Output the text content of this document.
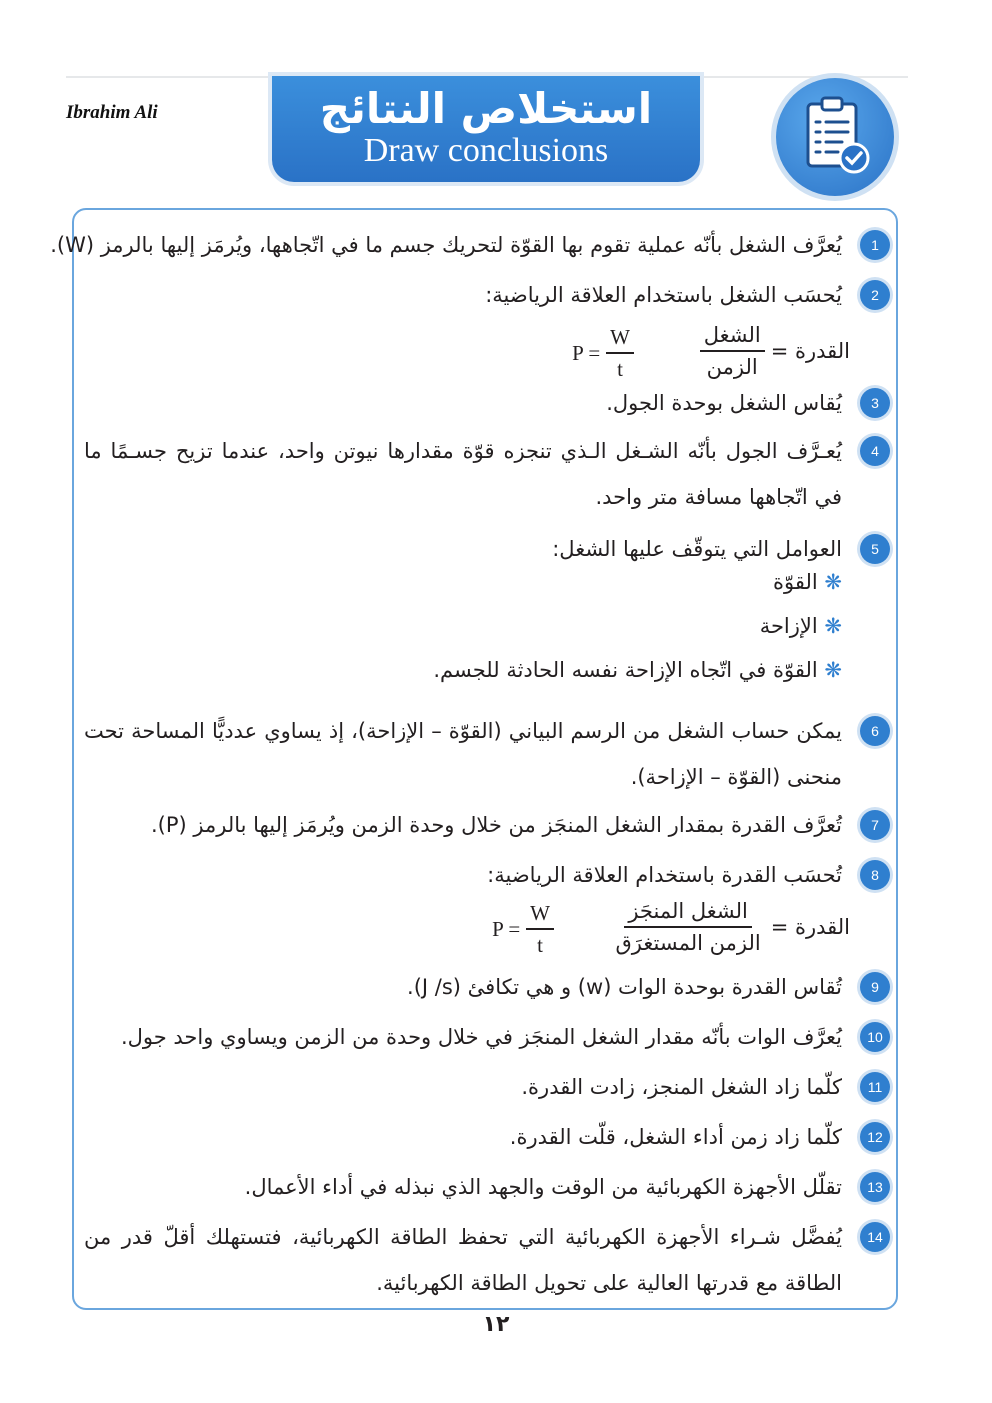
Ibrahim Ali	استخلاص النتائج
Draw conclusions
1
يُعرَّف الشغل بأنّه عملية تقوم بها القوّة لتحريك جسم ما في اتّجاهها، ويُرمَز إليها بالرمز (W).
2
يُحسَب الشغل باستخدام العلاقة الرياضية:
$\frac{\text{الشغل}}{\text{الزمن}}$ القدرة =
$P = \frac{W}{t}$
3
يُقاس الشغل بوحدة الجول.
4
يُعـرَّف الجول بأنّه الشـغل الـذي تنجزه قوّة مقدارها نيوتن واحد، عندما تزيح جسـمًا ما في اتّجاهها مسافة متر واحد.
5
العوامل التي يتوقّف عليها الشغل:
❋ القوّة
❋ الإزاحة
❋ القوّة في اتّجاه الإزاحة نفسه الحادثة للجسم.
6
يمكن حساب الشغل من الرسم البياني (القوّة – الإزاحة)، إذ يساوي عدديًّا المساحة تحت منحنى (القوّة – الإزاحة).
7
تُعرَّف القدرة بمقدار الشغل المنجَز من خلال وحدة الزمن ويُرمَز إليها بالرمز (P).
8
تُحسَب القدرة باستخدام العلاقة الرياضية:
$\frac{\text{الشغل المنجَز}}{\text{الزمن المستغرَق}}$ القدرة =
$P = \frac{W}{t}$
9
تُقاس القدرة بوحدة الوات (w) و هي تكافئ (J /s).
10
يُعرَّف الوات بأنّه مقدار الشغل المنجَز في خلال وحدة من الزمن ويساوي واحد جول.
11
كلّما زاد الشغل المنجز، زادت القدرة.
12
كلّما زاد زمن أداء الشغل، قلّت القدرة.
13
تقلّل الأجهزة الكهربائية من الوقت والجهد الذي نبذله في أداء الأعمال.
14
يُفضَّل شـراء الأجهزة الكهربائية التي تحفظ الطاقة الكهربائية، فتستهلك أقلّ قدر من الطاقة مع قدرتها العالية على تحويل الطاقة الكهربائية.
١٢
